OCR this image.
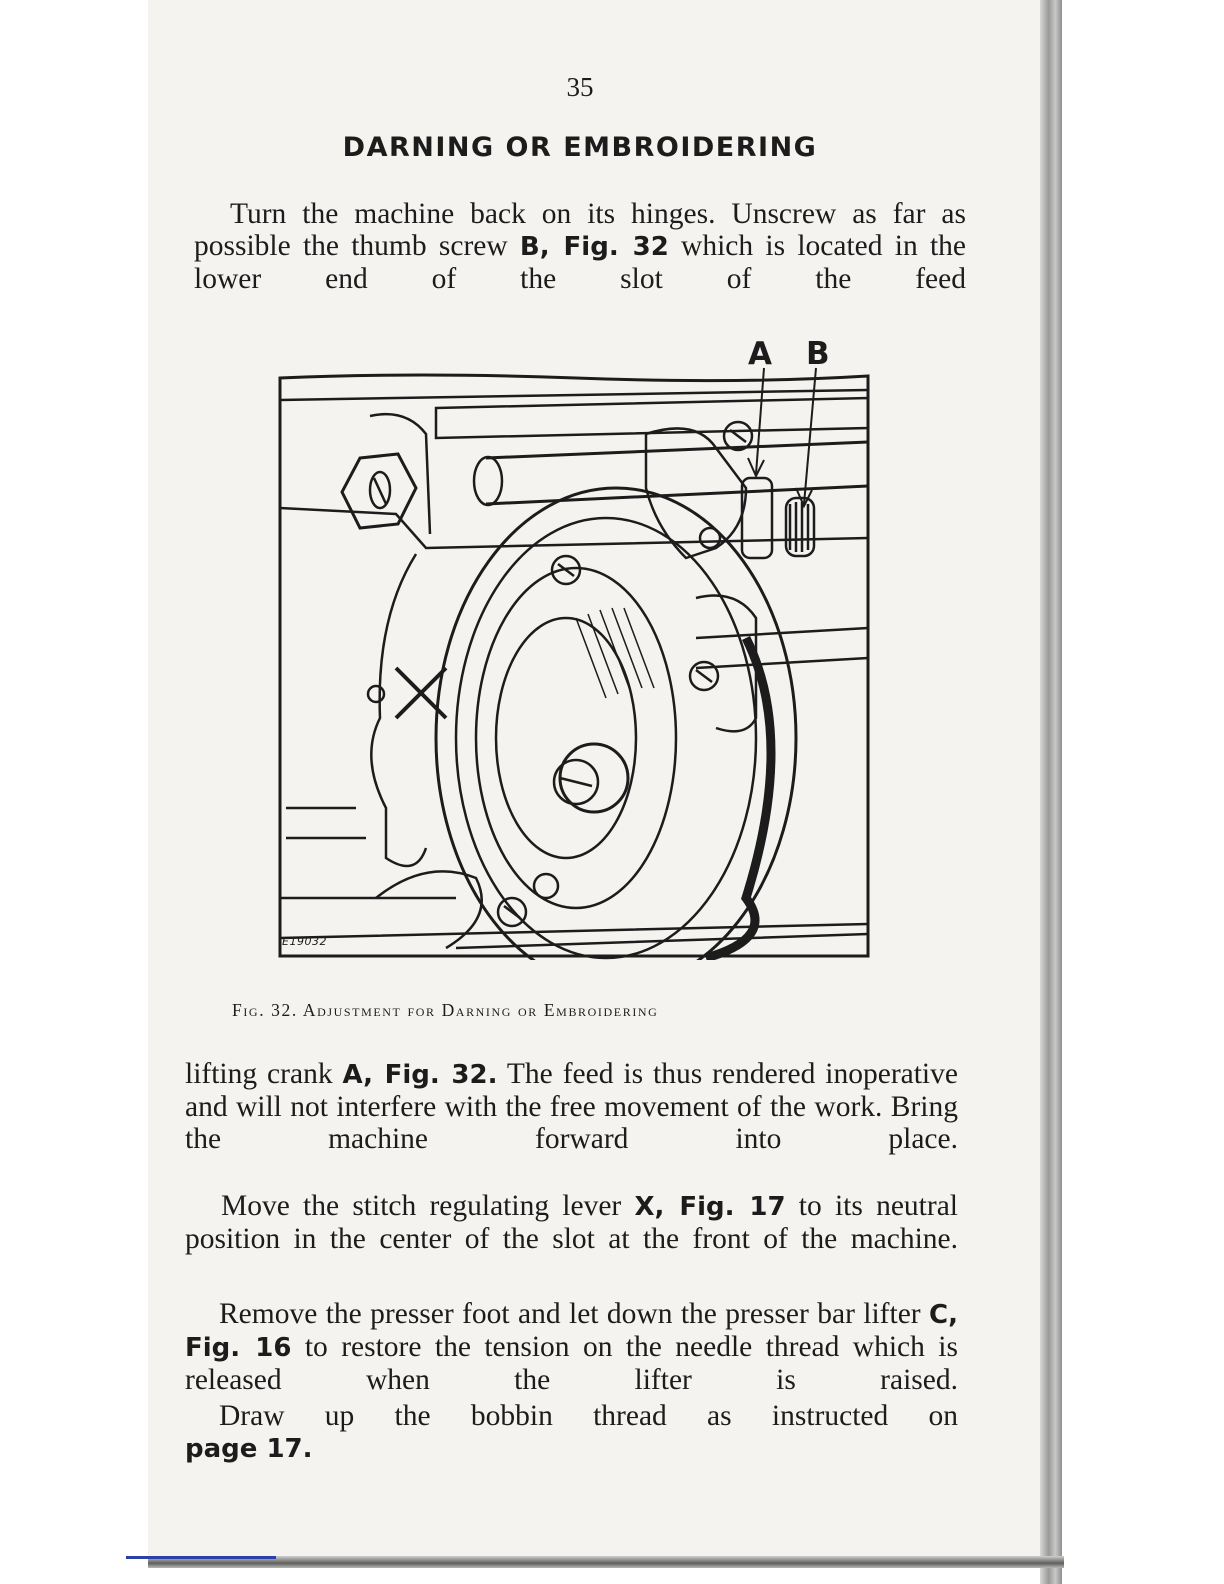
35
DARNING OR EMBROIDERING

Turn the machine back on its hinges. Unscrew as far as possible the thumb screw B, Fig. 32 which is located in the lower end of the slot of the feed

A B
E19032
Fig. 32. Adjustment for Darning or Embroidering

lifting crank A, Fig. 32. The feed is thus rendered inoperative and will not interfere with the free movement of the work. Bring the machine forward into place.

Move the stitch regulating lever X, Fig. 17 to its neutral position in the center of the slot at the front of the machine.

Remove the presser foot and let down the presser bar lifter C, Fig. 16 to restore the tension on the needle thread which is released when the lifter is raised.

Draw up the bobbin thread as instructed on
page 17.
